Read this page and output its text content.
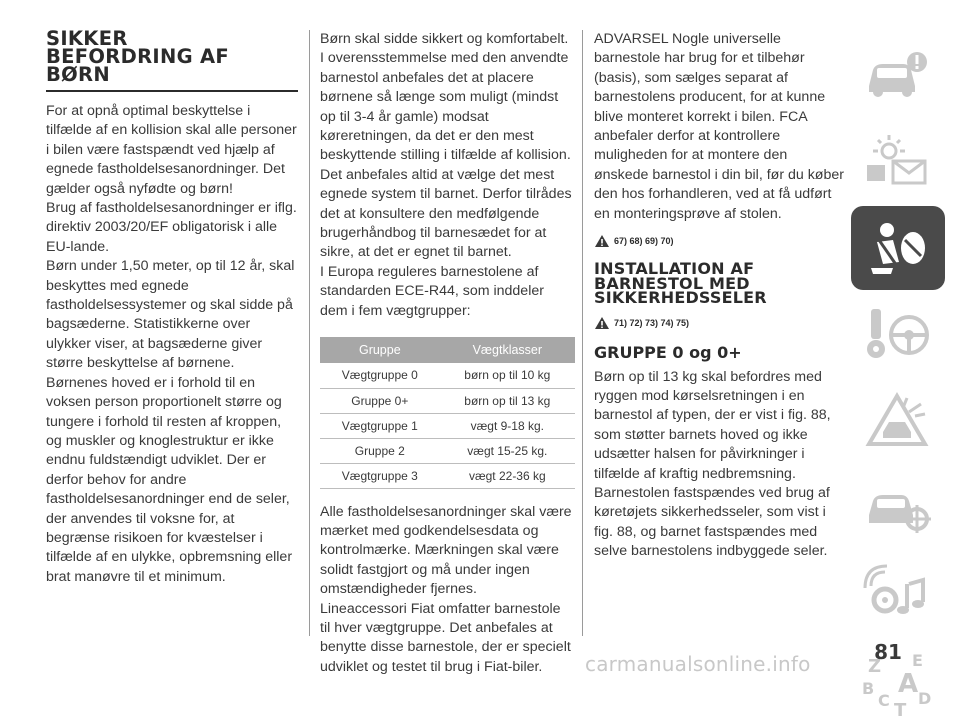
SIKKER
BEFORDRING AF
BØRN

For at opnå optimal beskyttelse i

tilfælde af en kollision skal alle personer

i bilen være fastspændt ved hjælp af

egnede fastholdelsesanordninger. Det

gælder også nyfødte og børn!

Brug af fastholdelsesanordninger er iflg.

direktiv 2003/20/EF obligatorisk i alle

EU-lande.

Børn under 1,50 meter, op til 12 år, skal

beskyttes med egnede

fastholdelsessystemer og skal sidde på

bagsæderne. Statistikkerne over

ulykker viser, at bagsæderne giver

større beskyttelse af børnene.

Børnenes hoved er i forhold til en

voksen person proportionelt større og

tungere i forhold til resten af kroppen,

og muskler og knoglestruktur er ikke

endnu fuldstændigt udviklet. Der er

derfor behov for andre

fastholdelsesanordninger end de seler,

der anvendes til voksne for, at

begrænse risikoen for kvæstelser i

tilfælde af en ulykke, opbremsning eller

brat manøvre til et minimum.

Børn skal sidde sikkert og komfortabelt.

I overensstemmelse med den anvendte

barnestol anbefales det at placere

børnene så længe som muligt (mindst

op til 3-4 år gamle) modsat

køreretningen, da det er den mest

beskyttende stilling i tilfælde af kollision.

Det anbefales altid at vælge det mest

egnede system til barnet. Derfor tilrådes

det at konsultere den medfølgende

brugerhåndbog til barnesædet for at

sikre, at det er egnet til barnet.

I Europa reguleres barnestolene af

standarden ECE-R44, som inddeler

dem i fem vægtgrupper:

Gruppe	Vægtklasser
Vægtgruppe 0	børn op til 10 kg
Gruppe 0+	børn op til 13 kg
Vægtgruppe 1	vægt 9-18 kg.
Gruppe 2	vægt 15-25 kg.
Vægtgruppe 3	vægt 22-36 kg

Alle fastholdelsesanordninger skal være

mærket med godkendelsesdata og

kontrolmærke. Mærkningen skal være

solidt fastgjort og må under ingen

omstændigheder fjernes.

Lineaccessori Fiat omfatter barnestole

til hver vægtgruppe. Det anbefales at

benytte disse barnestole, der er specielt

udviklet og testet til brug i Fiat-biler.

ADVARSEL Nogle universelle

barnestole har brug for et tilbehør

(basis), som sælges separat af

barnestolens producent, for at kunne

blive monteret korrekt i bilen. FCA

anbefaler derfor at kontrollere

muligheden for at montere den

ønskede barnestol i din bil, før du køber

den hos forhandleren, ved at få udført

en monteringsprøve af stolen.

67) 68) 69) 70)
INSTALLATION AF
BARNESTOL MED
SIKKERHEDSSELER
71) 72) 73) 74) 75)
GRUPPE 0 og 0+

Børn op til 13 kg skal befordres med

ryggen mod kørselsretningen i en

barnestol af typen, der er vist i fig. 88,

som støtter barnets hoved og ikke

udsætter halsen for påvirkninger i

tilfælde af kraftig nedbremsning.

Barnestolen fastspændes ved brug af

køretøjets sikkerhedsseler, som vist i

fig. 88, og barnet fastspændes med

selve barnestolens indbyggede seler.

Z E
A
B
C D
T
81
carmanualsonline.info
